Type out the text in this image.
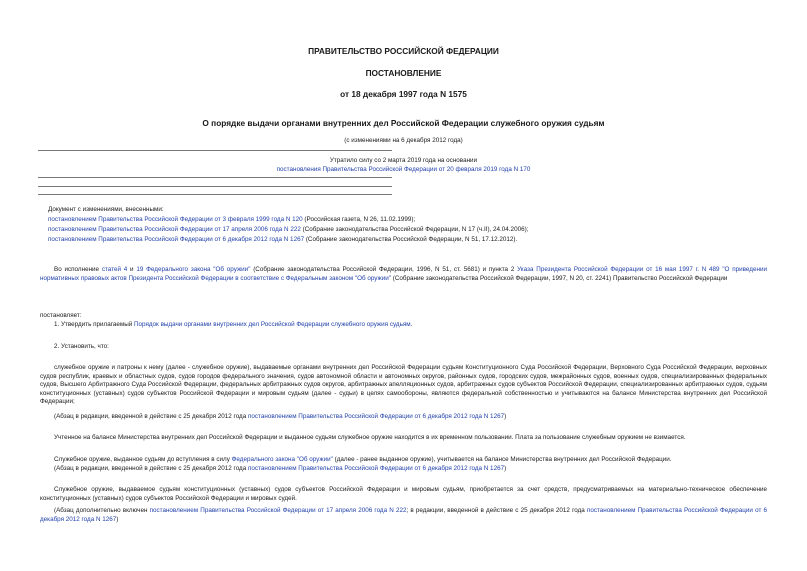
ПРАВИТЕЛЬСТВО РОССИЙСКОЙ ФЕДЕРАЦИИ
ПОСТАНОВЛЕНИЕ
от 18 декабря 1997 года N 1575
О порядке выдачи органами внутренних дел Российской Федерации служебного оружия судьям
(с изменениями на 6 декабря 2012 года)
Утратило силу со 2 марта 2019 года на основании
постановления Правительства Российской Федерации от 20 февраля 2019 года N 170
Документ с изменениями, внесенными:
постановлением Правительства Российской Федерации от 3 февраля 1999 года N 120 (Российская газета, N 26, 11.02.1999);
постановлением Правительства Российской Федерации от 17 апреля 2006 года N 222 (Собрание законодательства Российской Федерации, N 17 (ч.II), 24.04.2006);
постановлением Правительства Российской Федерации от 6 декабря 2012 года N 1267 (Собрание законодательства Российской Федерации, N 51, 17.12.2012).
Во исполнение статей 4 и 19 Федерального закона "Об оружии" (Собрание законодательства Российской Федерации, 1996, N 51, ст. 5681) и пункта 2 Указа Президента Российской Федерации от 16 мая 1997 г. N 489 "О приведении нормативных правовых актов Президента Российской Федерации в соответствие с Федеральным законом "Об оружии" (Собрание законодательства Российской Федерации, 1997, N 20, ст. 2241) Правительство Российской Федерации
постановляет:
1. Утвердить прилагаемый Порядок выдачи органами внутренних дел Российской Федерации служебного оружия судьям.
2. Установить, что:
служебное оружие и патроны к нему (далее - служебное оружие), выдаваемые органами внутренних дел Российской Федерации судьям Конституционного Суда Российской Федерации, Верховного Суда Российской Федерации, верховных судов республик, краевых и областных судов, судов городов федерального значения, судов автономной области и автономных округов, районных судов, городских судов, межрайонных судов, военных судов, специализированных федеральных судов, Высшего Арбитражного Суда Российской Федерации, федеральных арбитражных судов округов, арбитражных апелляционных судов, арбитражных судов субъектов Российской Федерации, специализированных арбитражных судов, судьям конституционных (уставных) судов субъектов Российской Федерации и мировым судьям (далее - судьи) в целях самообороны, являются федеральной собственностью и учитываются на балансе Министерства внутренних дел Российской Федерации;
(Абзац в редакции, введенной в действие с 25 декабря 2012 года постановлением Правительства Российской Федерации от 6 декабря 2012 года N 1267)
Учтенное на балансе Министерства внутренних дел Российской Федерации и выданное судьям служебное оружие находится в их временном пользовании. Плата за пользование служебным оружием не взимается.
Служебное оружие, выданное судьям до вступления в силу Федерального закона "Об оружии" (далее - ранее выданное оружие), учитывается на балансе Министерства внутренних дел Российской Федерации.
(Абзац в редакции, введенной в действие с 25 декабря 2012 года постановлением Правительства Российской Федерации от 6 декабря 2012 года N 1267)
Служебное оружие, выдаваемое судьям конституционных (уставных) судов субъектов Российской Федерации и мировым судьям, приобретается за счет средств, предусматриваемых на материально-техническое обеспечение конституционных (уставных) судов субъектов Российской Федерации и мировых судей.
(Абзац дополнительно включен постановлением Правительства Российской Федерации от 17 апреля 2006 года N 222; в редакции, введенной в действие с 25 декабря 2012 года постановлением Правительства Российской Федерации от 6 декабря 2012 года N 1267)
